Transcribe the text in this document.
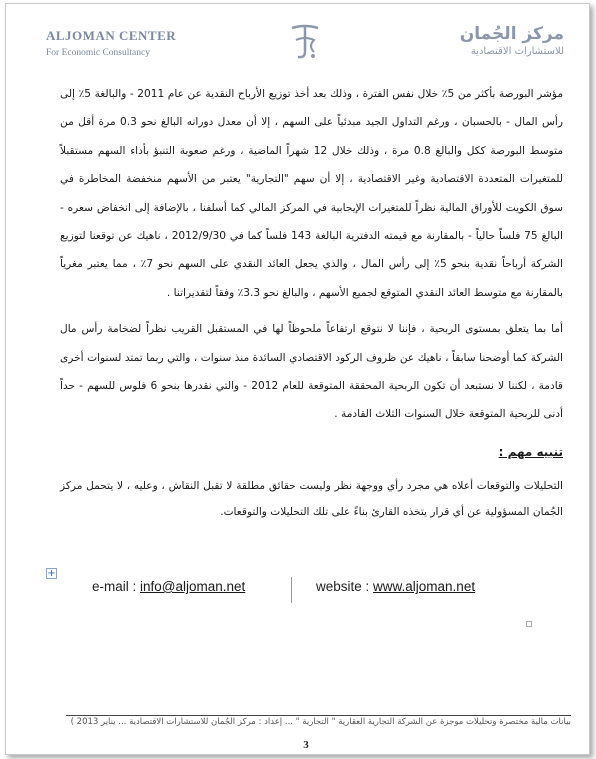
ALJOMAN CENTER
For Economic Consultancy
مركز الجُمان
للاستشارات الاقتصادية

مؤشر البورصة بأكثر من 5٪ خلال نفس الفترة ، وذلك بعد أخذ توزيع الأرباح النقدية عن عام 2011 - والبالغة 5٪ إلى رأس المال - بالحسبان ، ورغم التداول الجيد مبدئياً على السهم ، إلا أن معدل دورانه البالغ نحو 0.3 مرة أقل من متوسط البورصة ككل والبالغ 0.8 مرة ، وذلك خلال 12 شهراً الماضية ، ورغم صعوبة التنبؤ بأداء السهم مستقبلاً للمتغيرات المتعددة الاقتصادية وغير الاقتصادية ، إلا أن سهم "التجارية" يعتبر من الأسهم منخفضة المخاطرة في سوق الكويت للأوراق المالية نظراً للمتغيرات الإيجابية في المركز المالي كما أسلفنا ، بالإضافة إلى انخفاض سعره - البالغ 75 فلساً حالياً - بالمقارنة مع قيمته الدفترية البالغة 143 فلساً كما في 2012/9/30 ، ناهيك عن توقعنا لتوزيع الشركة أرباحاً نقدية بنحو 5٪ إلى رأس المال ، والذي يجعل العائد النقدي على السهم نحو 7٪ ، مما يعتبر مغرياً بالمقارنة مع متوسط العائد النقدي المتوقع لجميع الأسهم ، والبالغ نحو 3.3٪ وفقاً لتقديراتنا .

أما بما يتعلق بمستوى الربحية ، فإننا لا نتوقع ارتفاعاً ملحوظاً لها في المستقبل القريب نظراً لضخامة رأس مال الشركة كما أوضحنا سابقاً ، ناهيك عن ظروف الركود الاقتصادي السائدة منذ سنوات ، والتي ربما تمتد لسنوات أخرى قادمة ، لكننا لا نستبعد أن تكون الربحية المحققة المتوقعة للعام 2012 - والتي نقدرها بنحو 6 فلوس للسهم - حداً أدنى للربحية المتوقعة خلال السنوات الثلاث القادمة .

تنبيه مهم :
التحليلات والتوقعات أعلاه هي مجرد رأي ووجهة نظر وليست حقائق مطلقة لا تقبل النقاش ، وعليه ، لا يتحمل مركز الجُمان المسؤولية عن أي قرار يتخذه القارئ بناءً على تلك التحليلات والتوقعات.
+
e-mail : info@aljoman.net	website : www.aljoman.net
بيانات مالية مختصرة وتحليلات موجزة عن الشركة التجارية العقارية " التجارية " ... إعداد : مركز الجُمان للاستشارات الاقتصادية ... يناير 2013 )
3
